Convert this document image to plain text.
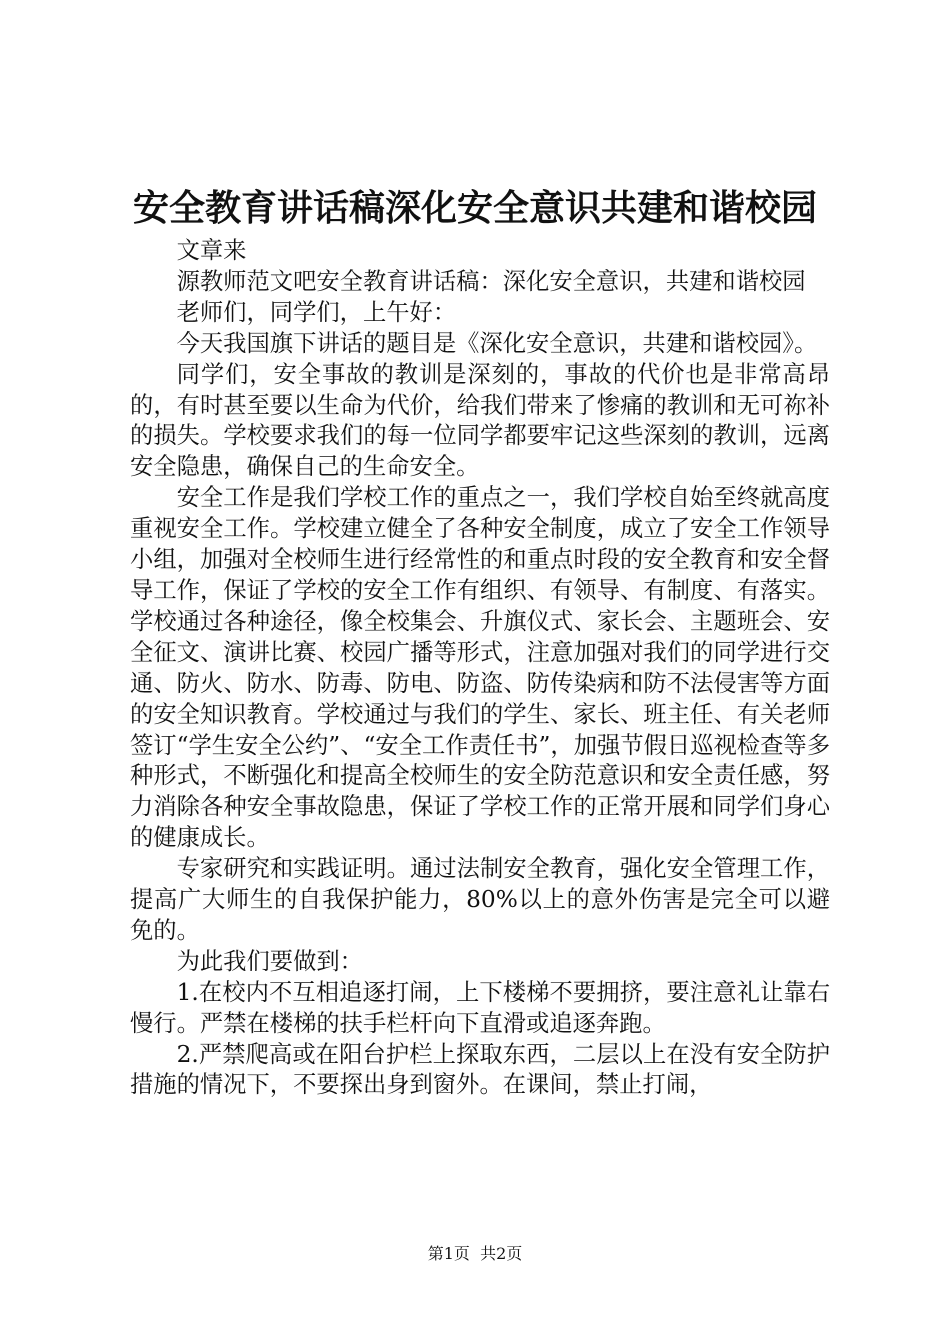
安全教育讲话稿深化安全意识共建和谐校园

文章来

源教师范文吧安全教育讲话稿：深化安全意识，共建和谐校园

老师们，同学们，上午好：

今天我国旗下讲话的题目是《深化安全意识，共建和谐校园》。

同学们，安全事故的教训是深刻的，事故的代价也是非常高昂的，有时甚至要以生命为代价，给我们带来了惨痛的教训和无可祢补的损失。学校要求我们的每一位同学都要牢记这些深刻的教训，远离安全隐患，确保自己的生命安全。

安全工作是我们学校工作的重点之一，我们学校自始至终就高度重视安全工作。学校建立健全了各种安全制度，成立了安全工作领导小组，加强对全校师生进行经常性的和重点时段的安全教育和安全督导工作，保证了学校的安全工作有组织、有领导、有制度、有落实。学校通过各种途径，像全校集会、升旗仪式、家长会、主题班会、安全征文、演讲比赛、校园广播等形式，注意加强对我们的同学进行交通、防火、防水、防毒、防电、防盗、防传染病和防不法侵害等方面的安全知识教育。学校通过与我们的学生、家长、班主任、有关老师签订“学生安全公约”、“安全工作责任书”，加强节假日巡视检查等多种形式，不断强化和提高全校师生的安全防范意识和安全责任感，努力消除各种安全事故隐患，保证了学校工作的正常开展和同学们身心的健康成长。

专家研究和实践证明。通过法制安全教育，强化安全管理工作，提高广大师生的自我保护能力，80%以上的意外伤害是完全可以避免的。

为此我们要做到：

1.在校内不互相追逐打闹，上下楼梯不要拥挤，要注意礼让靠右慢行。严禁在楼梯的扶手栏杆向下直滑或追逐奔跑。

2.严禁爬高或在阳台护栏上探取东西，二层以上在没有安全防护措施的情况下，不要探出身到窗外。在课间，禁止打闹，

第1页  共2页
